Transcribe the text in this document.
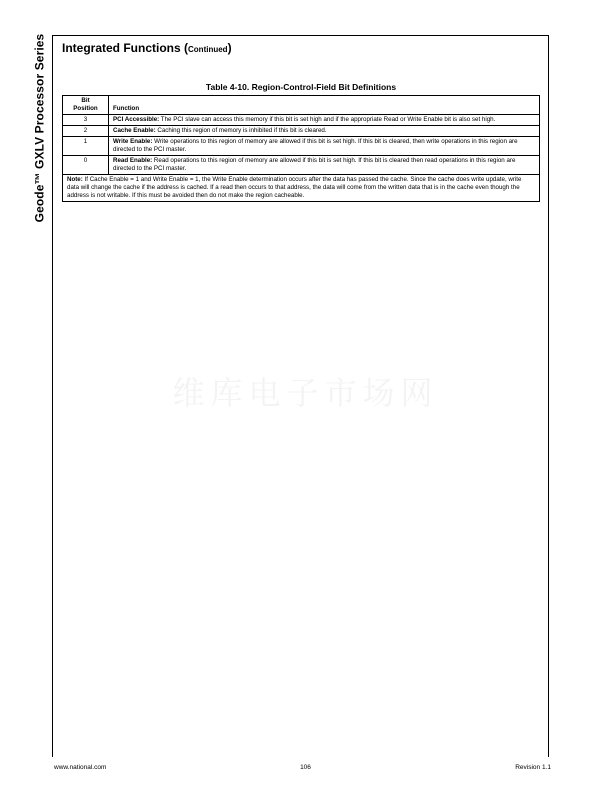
Geode™ GXLV Processor Series Integrated Functions (Continued)
Table 4-10. Region-Control-Field Bit Definitions
Bit
Position	Function
3	PCI Accessible: The PCI slave can access this memory if this bit is set high and if the appropriate Read or Write Enable bit is also set high.
2	Cache Enable: Caching this region of memory is inhibited if this bit is cleared.
1	Write Enable: Write operations to this region of memory are allowed if this bit is set high. If this bit is cleared, then write operations in this region are directed to the PCI master.
0	Read Enable: Read operations to this region of memory are allowed if this bit is set high. If this bit is cleared then read operations in this region are directed to the PCI master.
Note: If Cache Enable = 1 and Write Enable = 1, the Write Enable determination occurs after the data has passed the cache. Since the cache does write update, write data will change the cache if the address is cached. If a read then occurs to that address, the data will come from the written data that is in the cache even though the address is not writable. If this must be avoided then do not make the region cacheable.	
维库电子市场网
www.national.com	106	Revision 1.1
